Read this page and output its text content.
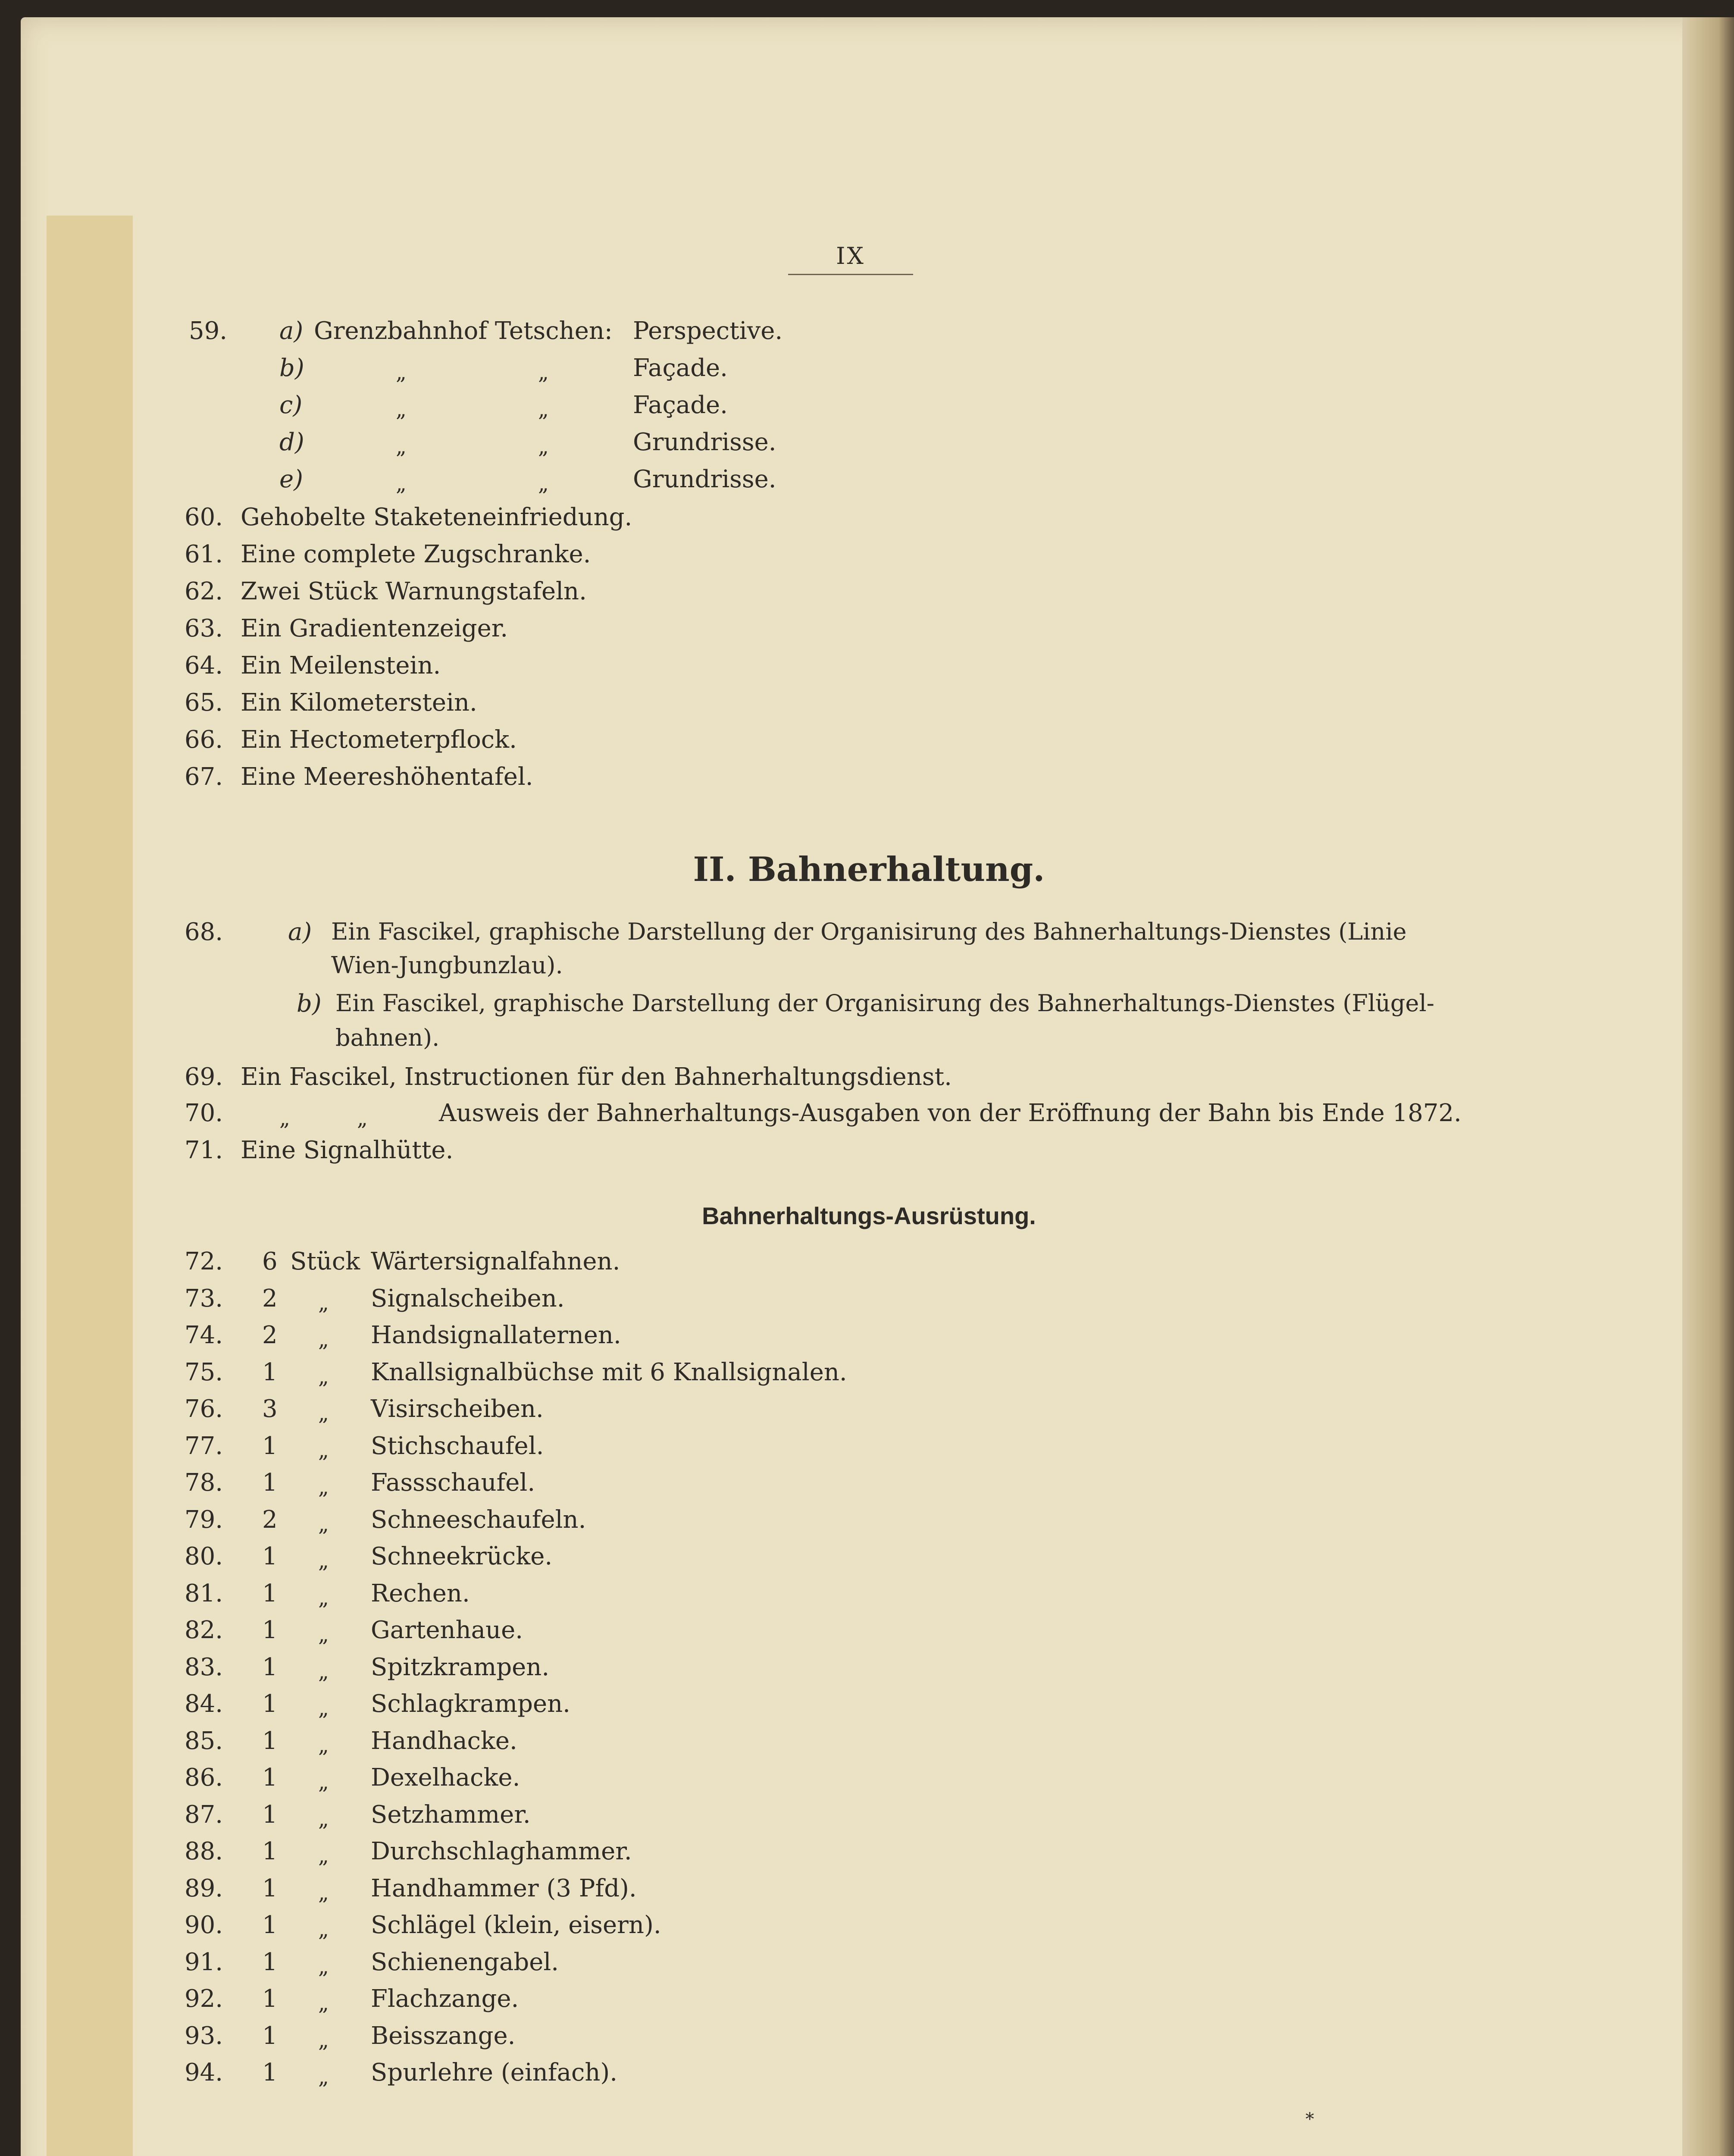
IX
59. a) Grenzbahnhof Tetschen: Perspective.
b)	„	„	Façade.
c)	„	„	Façade.
d)	„	„	Grundrisse.
e)	„	„	Grundrisse.
60. Gehobelte Staketeneinfriedung.
61. Eine complete Zugschranke.
62. Zwei Stück Warnungstafeln.
63. Ein Gradientenzeiger.
64. Ein Meilenstein.
65. Ein Kilometerstein.
66. Ein Hectometerpflock.
67. Eine Meereshöhentafel.
II. Bahnerhaltung.
68.	a) Ein Fascikel, graphische Darstellung der Organisirung des Bahnerhaltungs-Dienstes (Linie
Wien-Jungbunzlau).
b) Ein Fascikel, graphische Darstellung der Organisirung des Bahnerhaltungs-Dienstes (Flügel-
bahnen).
69. Ein Fascikel, Instructionen für den Bahnerhaltungsdienst.
70.	„	„	Ausweis der Bahnerhaltungs-Ausgaben von der Eröffnung der Bahn bis Ende 1872.
71. Eine Signalhütte.
Bahnerhaltungs-Ausrüstung.
72. 6 Stück Wärtersignalfahnen.
73. 2 „ Signalscheiben.
74. 2 „ Handsignallaternen.
75. 1 „ Knallsignalbüchse mit 6 Knallsignalen.
76. 3 „ Visirscheiben.
77. 1 „ Stichschaufel.
78. 1 „ Fassschaufel.
79. 2 „ Schneeschaufeln.
80. 1 „ Schneekrücke.
81. 1 „ Rechen.
82. 1 „ Gartenhaue.
83. 1 „ Spitzkrampen.
84. 1 „ Schlagkrampen.
85. 1 „ Handhacke.
86. 1 „ Dexelhacke.
87. 1 „ Setzhammer.
88. 1 „ Durchschlaghammer.
89. 1 „ Handhammer (3 Pfd).
90. 1 „ Schlägel (klein, eisern).
91. 1 „ Schienengabel.
92. 1 „ Flachzange.
93. 1 „ Beisszange.
94. 1 „ Spurlehre (einfach).
*
